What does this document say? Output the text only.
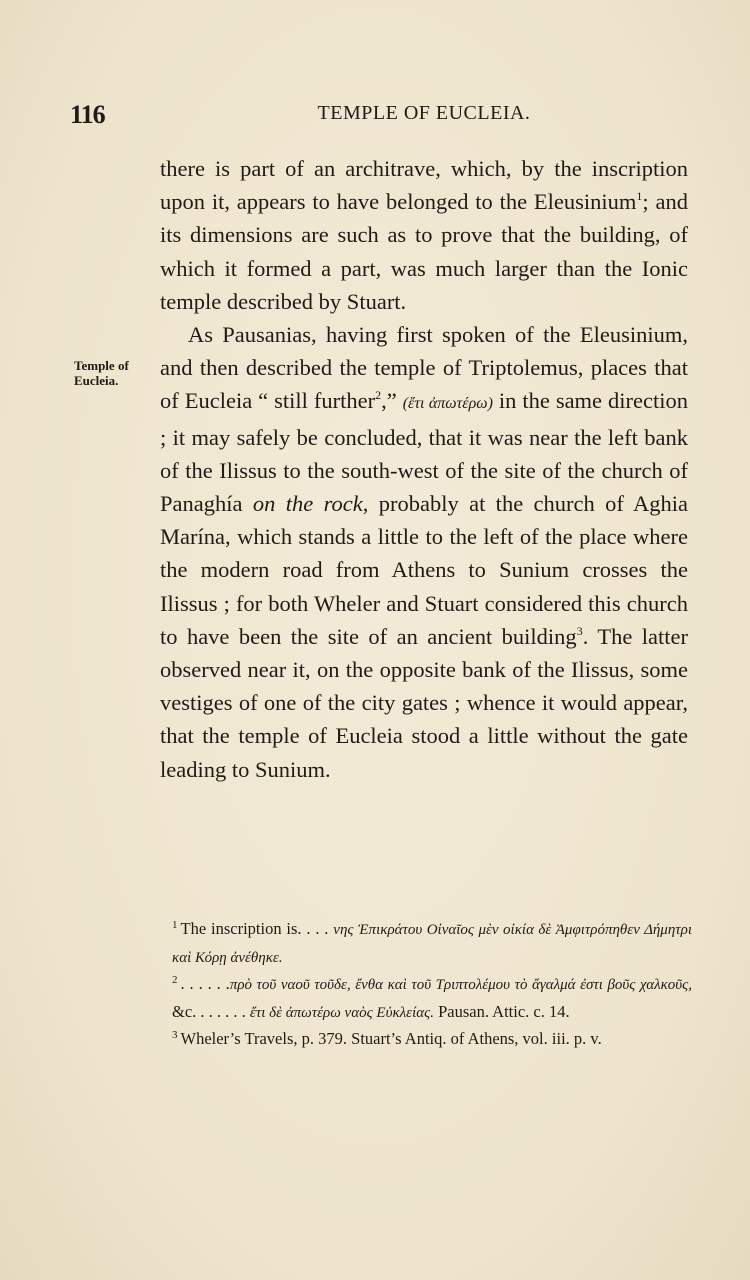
116	TEMPLE OF EUCLEIA.
Temple of
Eucleia.

there is part of an architrave, which, by the inscription upon it, appears to have belonged to the Eleusinium$^1$; and its dimensions are such as to prove that the building, of which it formed a part, was much larger than the Ionic temple described by Stuart.

As Pausanias, having first spoken of the Eleusinium, and then described the temple of Triptolemus, places that of Eucleia “ still further$^2$,” (ἔτι ἀπωτέρω) in the same direction ; it may safely be concluded, that it was near the left bank of the Ilissus to the south-west of the site of the church of Panaghía on the rock, probably at the church of Aghia Marína, which stands a little to the left of the place where the modern road from Athens to Sunium crosses the Ilissus ; for both Wheler and Stuart considered this church to have been the site of an ancient building$^3$. The latter observed near it, on the opposite bank of the Ilissus, some vestiges of one of the city gates ; whence it would appear, that the temple of Eucleia stood a little without the gate leading to Sunium.

$^1$ The inscription is. . . . νης Ἐπικράτου Οἰναῖος μὲν οἰκία δὲ Ἀμφιτρόπηθεν Δήμητρι καὶ Κόρῃ ἀνέθηκε.

$^2$ . . . . . .πρὸ τοῦ ναοῦ τοῦδε, ἔνθα καὶ τοῦ Τριπτολέμου τὸ ἄγαλμά ἐστι βοῦς χαλκοῦς, &c. . . . . . . ἔτι δὲ ἀπωτέρω ναὸς Εὐκλείας. Pausan. Attic. c. 14.

$^3$ Wheler’s Travels, p. 379. Stuart’s Antiq. of Athens, vol. iii. p. v.
